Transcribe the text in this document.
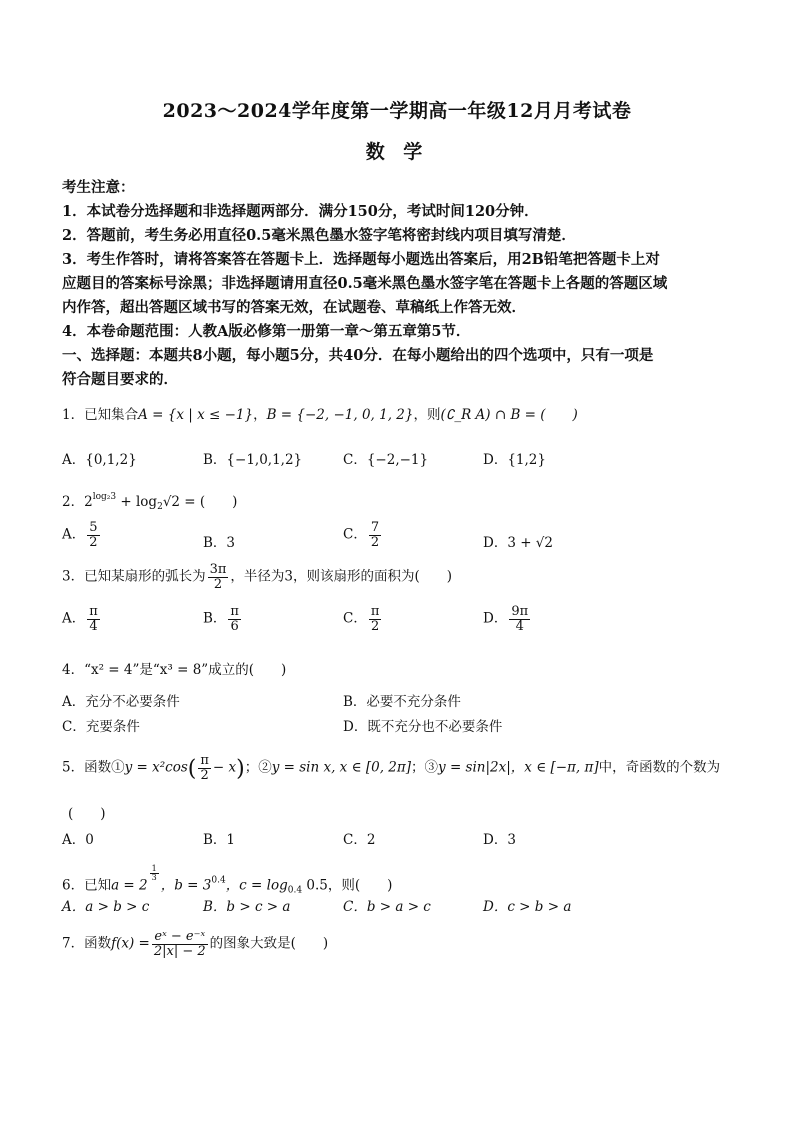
2023～2024学年度第一学期高一年级12月月考试卷
数 学
考生注意：
1．本试卷分选择题和非选择题两部分．满分150分，考试时间120分钟．
2．答题前，考生务必用直径0.5毫米黑色墨水签字笔将密封线内项目填写清楚．
3．考生作答时，请将答案答在答题卡上．选择题每小题选出答案后，用2B铅笔把答题卡上对
应题目的答案标号涂黑；非选择题请用直径0.5毫米黑色墨水签字笔在答题卡上各题的答题区域
内作答，超出答题区域书写的答案无效，在试题卷、草稿纸上作答无效．
4．本卷命题范围：人教A版必修第一册第一章～第五章第5节．
一、选择题：本题共8小题，每小题5分，共40分．在每小题给出的四个选项中，只有一项是
符合题目要求的．
1．已知集合A = {x | x ≤ −1}，B = {−2, −1, 0, 1, 2}，则(∁_R A) ∩ B = (　　)
A．{0,1,2}	B．{−1,0,1,2}	C．{−2,−1}	D．{1,2}
2．$2^{log_23} + \log_2√2$ = (　　)
A． $\frac{5}{2}$	B．3
C． $\frac{7}{2}$	D．3 + √2
3．已知某扇形的弧长为 $\frac{3\pi}{2}$ ，半径为3，则该扇形的面积为(　　)
A． $\frac{\pi}{4}$	B． $\frac{\pi}{6}$	C． $\frac{\pi}{2}$	D． $\frac{9\pi}{4}$
4．“x² = 4”是“x³ = 8”成立的(　　)
A．充分不必要条件	B．必要不充分条件
C．充要条件	D．既不充分也不必要条件
5．函数①y = $x^2\cos( \frac{\pi}{2} - x)$；②y = sin x, x ∈ [0, 2π]；③y = sin|2x|，x ∈ [−π, π]中，奇函数的个数为
(　　)
A．0	B．1	C．2	D．3
6．已知a = 2
$\frac{1}{3}$
，$b = 3^{0.4}$，$c = \log_{0.4} 0.5$，则(　　)
A．a > b > c	B．b > c > a	C．b > a > c	D．c > b > a
7．函数$f(x) = \frac{\text{eˣ − e⁻ˣ}}{2|x| - 2}$ 的图象大致是(　　)
